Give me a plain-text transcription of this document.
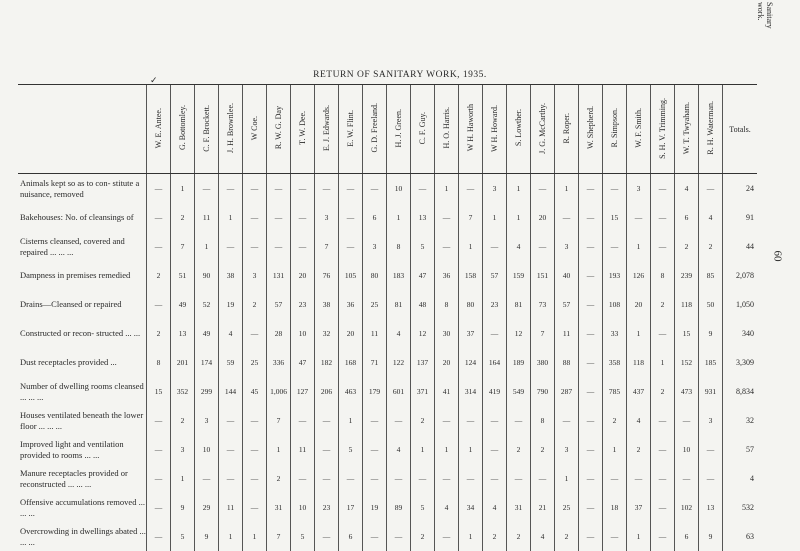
Sanitary work.
60
✓	RETURN OF SANITARY WORK, 1935.
	W. E. Antee.	G. Bottomley.	C. F. Brockett.	J. H. Brownlee.	W Coe.	R. W. G. Day	T. W. Dee.	E. J. Edwards.	E. W. Flint.	G. D. Freeland.	H. J. Green.	C. F. Guy.	H. O. Harris.	W H. Haworth	W H. Howard.	S. Lowther.	J. G. McCarthy.	R. Roper.	W. Shepherd.	R. Simpson.	W. F. Smith.	S. H. V. Trimming.	W. T. Twyaham.	R. H. Waterman.	Totals.
Animals kept so as to con- stitute a nuisance, removed	—	1	—	—	—	—	—	—	—	—	10	—	1	—	3	1	—	1	—	—	3	—	4	—	24
Bakehouses: No. of cleansings of	—	2	11	1	—	—	—	3	—	6	1	13	—	7	1	1	20	—	—	15	—	—	6	4	91
Cisterns cleansed, covered and repaired ... ... ...	—	7	1	—	—	—	—	7	—	3	8	5	—	1	—	4	—	3	—	—	1	—	2	2	44
Dampness in premises remedied	2	51	90	38	3	131	20	76	105	80	183	47	36	158	57	159	151	40	—	193	126	8	239	85	2,078
Drains—Cleansed or repaired	—	49	52	19	2	57	23	38	36	25	81	48	8	80	23	81	73	57	—	108	20	2	118	50	1,050
Constructed or recon- structed ... ...	2	13	49	4	—	28	10	32	20	11	4	12	30	37	—	12	7	11	—	33	1	—	15	9	340
Dust receptacles provided ...	8	201	174	59	25	336	47	182	168	71	122	137	20	124	164	189	380	88	—	358	118	1	152	185	3,309
Number of dwelling rooms cleansed ... ... ...	15	352	299	144	45	1,006	127	206	463	179	601	371	41	314	419	549	790	287	—	785	437	2	473	931	8,834
Houses ventilated beneath the lower floor ... ... ...	—	2	3	—	—	7	—	—	1	—	—	2	—	—	—	—	8	—	—	2	4	—	—	3	32
Improved light and ventilation provided to rooms ... ...	—	3	10	—	—	1	11	—	5	—	4	1	1	1	—	2	2	3	—	1	2	—	10	—	57
Manure receptacles provided or reconstructed ... ... ...	—	1	—	—	—	2	—	—	—	—	—	—	—	—	—	—	—	1	—	—	—	—	—	—	4
Offensive accumulations removed ... ... ...	—	9	29	11	—	31	10	23	17	19	89	5	4	34	4	31	21	25	—	18	37	—	102	13	532
Overcrowding in dwellings abated ... ... ...	—	5	9	1	1	7	5	—	6	—	—	2	—	1	2	2	4	2	—	—	1	—	6	9	63
